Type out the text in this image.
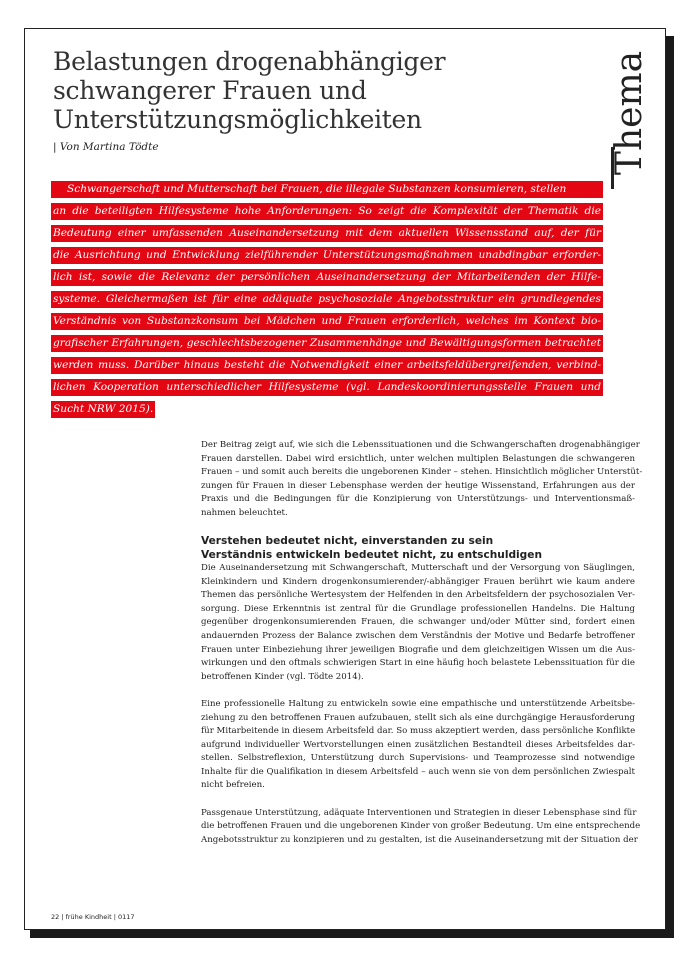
Belastungen drogenabhängiger
schwangerer Frauen und
Unterstützungsmöglichkeiten
| Von Martina Tödte	Thema
Schwangerschaft und Mutterschaft bei Frauen, die illegale Substanzen konsumieren, stellen
an die beteiligten Hilfesysteme hohe Anforderungen: So zeigt die Komplexität der Thematik die
Bedeutung einer umfassenden Auseinandersetzung mit dem aktuellen Wissensstand auf, der für
die Ausrichtung und Entwicklung zielführender Unterstützungsmaßnahmen unabdingbar erforder-
lich ist, sowie die Relevanz der persönlichen Auseinandersetzung der Mitarbeitenden der Hilfe-
systeme. Gleichermaßen ist für eine adäquate psychosoziale Angebotsstruktur ein grundlegendes
Verständnis von Substanzkonsum bei Mädchen und Frauen erforderlich, welches im Kontext bio-
grafischer Erfahrungen, geschlechtsbezogener Zusammenhänge und Bewältigungsformen betrachtet
werden muss. Darüber hinaus besteht die Notwendigkeit einer arbeitsfeldübergreifenden, verbind-
lichen Kooperation unterschiedlicher Hilfesysteme (vgl. Landeskoordinierungsstelle Frauen und
Sucht NRW 2015).

Der Beitrag zeigt auf, wie sich die Lebenssituationen und die Schwangerschaften drogenabhängiger
Frauen darstellen. Dabei wird ersichtlich, unter welchen multiplen Belastungen die schwangeren
Frauen – und somit auch bereits die ungeborenen Kinder – stehen. Hinsichtlich möglicher Unterstüt-
zungen für Frauen in dieser Lebensphase werden der heutige Wissenstand, Erfahrungen aus der
Praxis und die Bedingungen für die Konzipierung von Unterstützungs- und Interventionsmaß-
nahmen beleuchtet.

Verstehen bedeutet nicht, einverstanden zu sein
Verständnis entwickeln bedeutet nicht, zu entschuldigen

Die Auseinandersetzung mit Schwangerschaft, Mutterschaft und der Versorgung von Säuglingen,
Kleinkindern und Kindern drogenkonsumierender/-abhängiger Frauen berührt wie kaum andere
Themen das persönliche Wertesystem der Helfenden in den Arbeitsfeldern der psychosozialen Ver-
sorgung. Diese Erkenntnis ist zentral für die Grundlage professionellen Handelns. Die Haltung
gegenüber drogenkonsumierenden Frauen, die schwanger und/oder Mütter sind, fordert einen
andauernden Prozess der Balance zwischen dem Verständnis der Motive und Bedarfe betroffener
Frauen unter Einbeziehung ihrer jeweiligen Biografie und dem gleichzeitigen Wissen um die Aus-
wirkungen und den oftmals schwierigen Start in eine häufig hoch belastete Lebenssituation für die
betroffenen Kinder (vgl. Tödte 2014).

Eine professionelle Haltung zu entwickeln sowie eine empathische und unterstützende Arbeitsbe-
ziehung zu den betroffenen Frauen aufzubauen, stellt sich als eine durchgängige Herausforderung
für Mitarbeitende in diesem Arbeitsfeld dar. So muss akzeptiert werden, dass persönliche Konflikte
aufgrund individueller Wertvorstellungen einen zusätzlichen Bestandteil dieses Arbeitsfeldes dar-
stellen. Selbstreflexion, Unterstützung durch Supervisions- und Teamprozesse sind notwendige
Inhalte für die Qualifikation in diesem Arbeitsfeld – auch wenn sie von dem persönlichen Zwiespalt
nicht befreien.

Passgenaue Unterstützung, adäquate Interventionen und Strategien in dieser Lebensphase sind für
die betroffenen Frauen und die ungeborenen Kinder von großer Bedeutung. Um eine entsprechende
Angebotsstruktur zu konzipieren und zu gestalten, ist die Auseinandersetzung mit der Situation der

22 | frühe Kindheit | 0117
